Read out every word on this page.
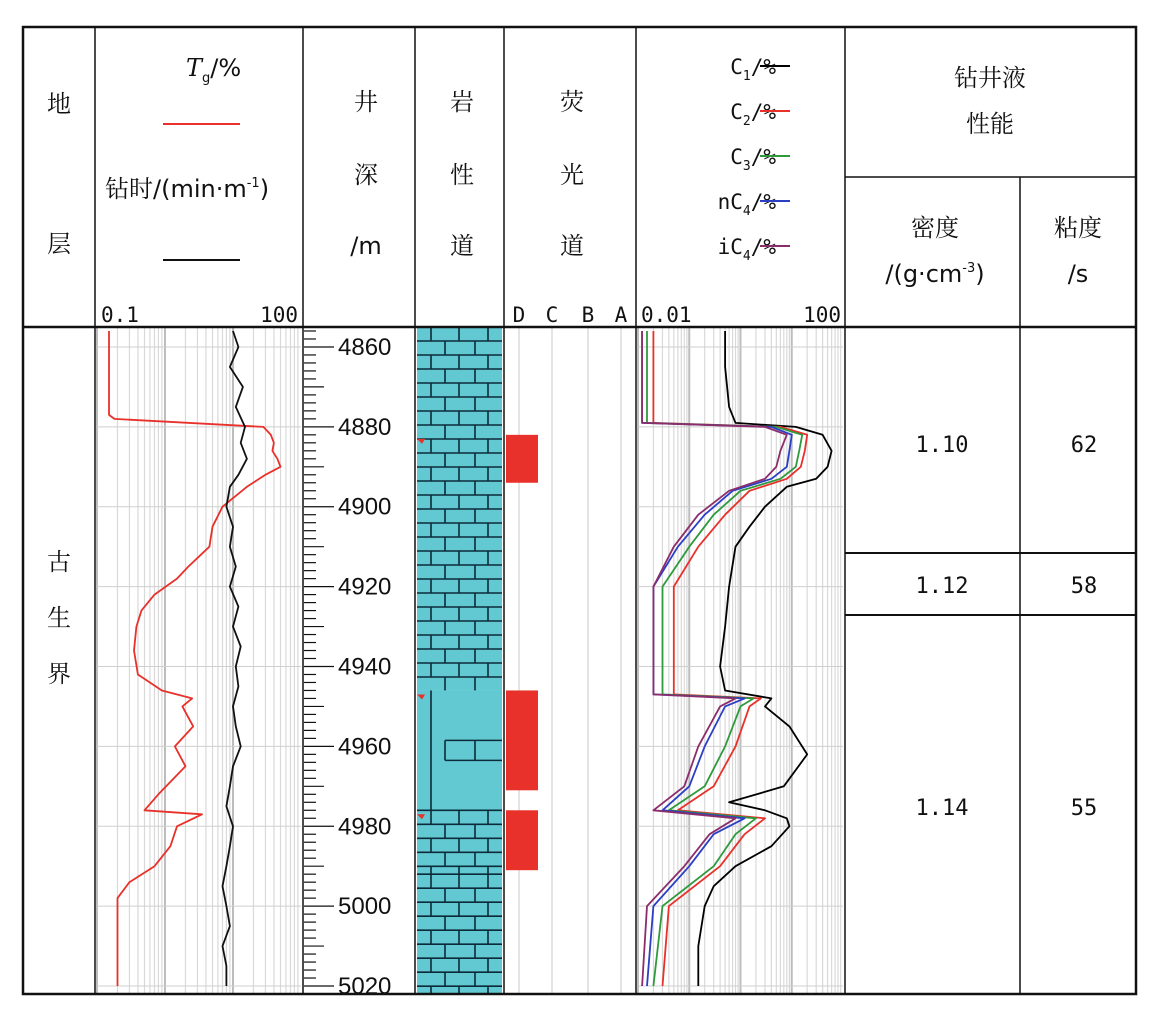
4860
4880
4900
4920
4940
4960
4980
5000
5020
地
层
$T_g/\%$
钻时$/(\min\cdot m^{-1})$
0.1	100
井
深
/m
岩
性
道
荧
光
道
D C B A
$C_1/\%$
$C_2/\%$
$C_3/\%$
$nC_4/\%$
$iC_4/\%$
0.01	100
钻井液
性能
密度
$/(g\cdot cm^{-3})$
粘度
/s
古
生
界
1.10	62
1.12	58
1.14	55
